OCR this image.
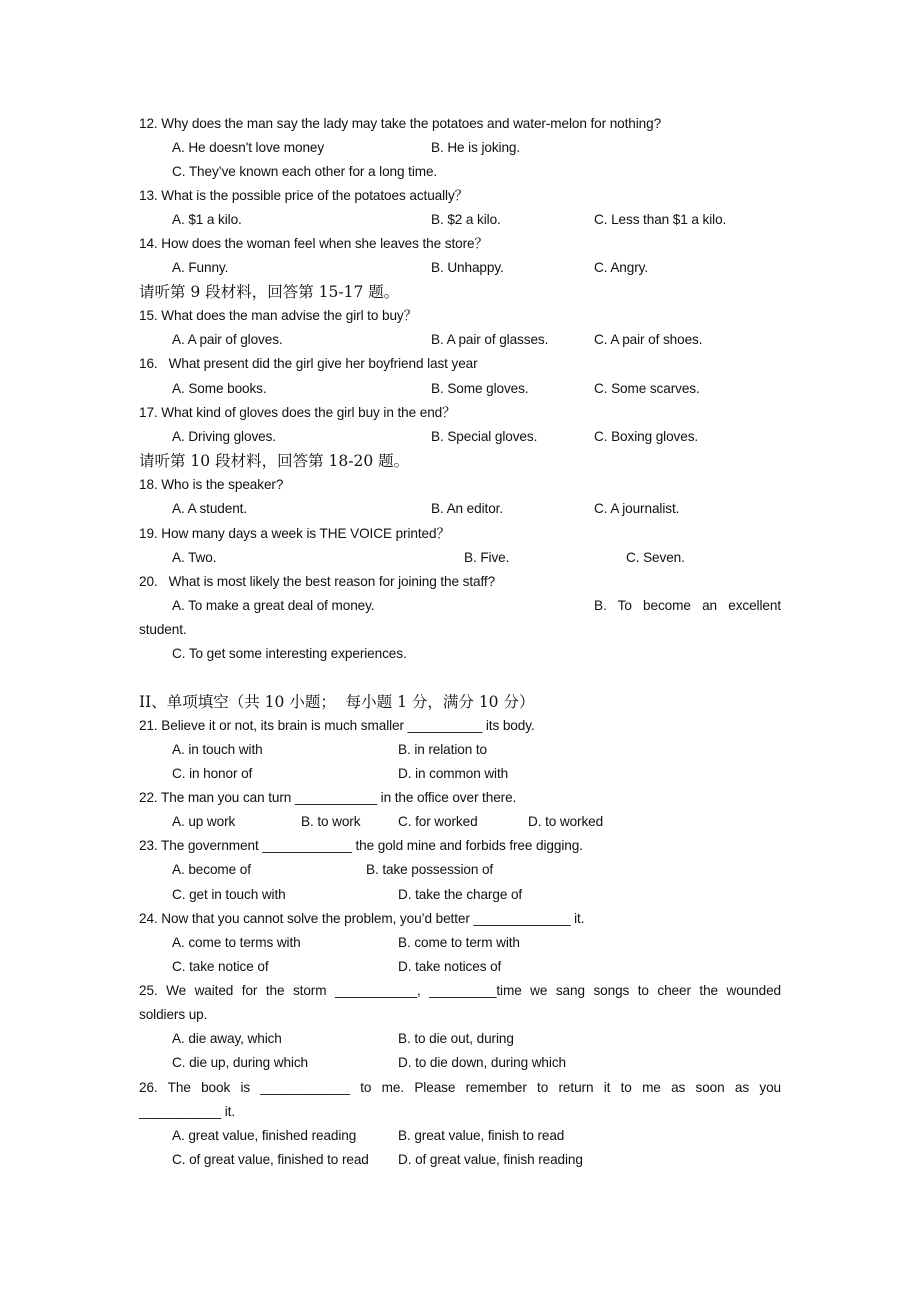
12. Why does the man say the lady may take the potatoes and water-melon for nothing?
A. He doesn't love money	B. He is joking.
C. They’ve known each other for a long time.
13. What is the possible price of the potatoes actually？
A. $1 a kilo.	B. $2 a kilo.	C. Less than $1 a kilo.
14. How does the woman feel when she leaves the store？
A. Funny.	B. Unhappy.	C. Angry.
请听第 9 段材料，回答第 15-17 题。
15. What does the man advise the girl to buy？
A. A pair of gloves.	B. A pair of glasses.	C. A pair of shoes.
16.   What present did the girl give her boyfriend last year
A. Some books.	B. Some gloves.	C. Some scarves.
17. What kind of gloves does the girl buy in the end？
A. Driving gloves.	B. Special gloves.	C. Boxing gloves.
请听第 10 段材料，回答第 18-20 题。
18. Who is the speaker?
A. A student.	B. An editor.	C. A journalist.
19. How many days a week is THE VOICE printed？
A. Two.	B. Five.	C. Seven.
20.   What is most likely the best reason for joining the staff?
A. To make a great deal of money.	B. To become an excellent
student.
C. To get some interesting experiences.
II、单项填空（共 10 小题；  每小题 1 分，满分 10 分）
21. Believe it or not, its brain is much smaller __________ its body.
A. in touch with	B. in relation to
C. in honor of	D. in common with
22. The man you can turn ___________ in the office over there.
A. up work	B. to work	C. for worked	D. to worked
23. The government ____________ the gold mine and forbids free digging.
A. become of	B. take possession of
C. get in touch with	D. take the charge of
24. Now that you cannot solve the problem, you’d better _____________ it.
A. come to terms with	B. come to term with
C. take notice of	D. take notices of
25. We waited for the storm ___________, _________time we sang songs to cheer the wounded
soldiers up.
A. die away, which	B. to die out, during
C. die up, during which	D. to die down, during which
26. The book is ____________ to me. Please remember to return it to me as soon as you
___________ it.
A. great value, finished reading	B. great value, finish to read
C. of great value, finished to read D. of great value, finish reading
